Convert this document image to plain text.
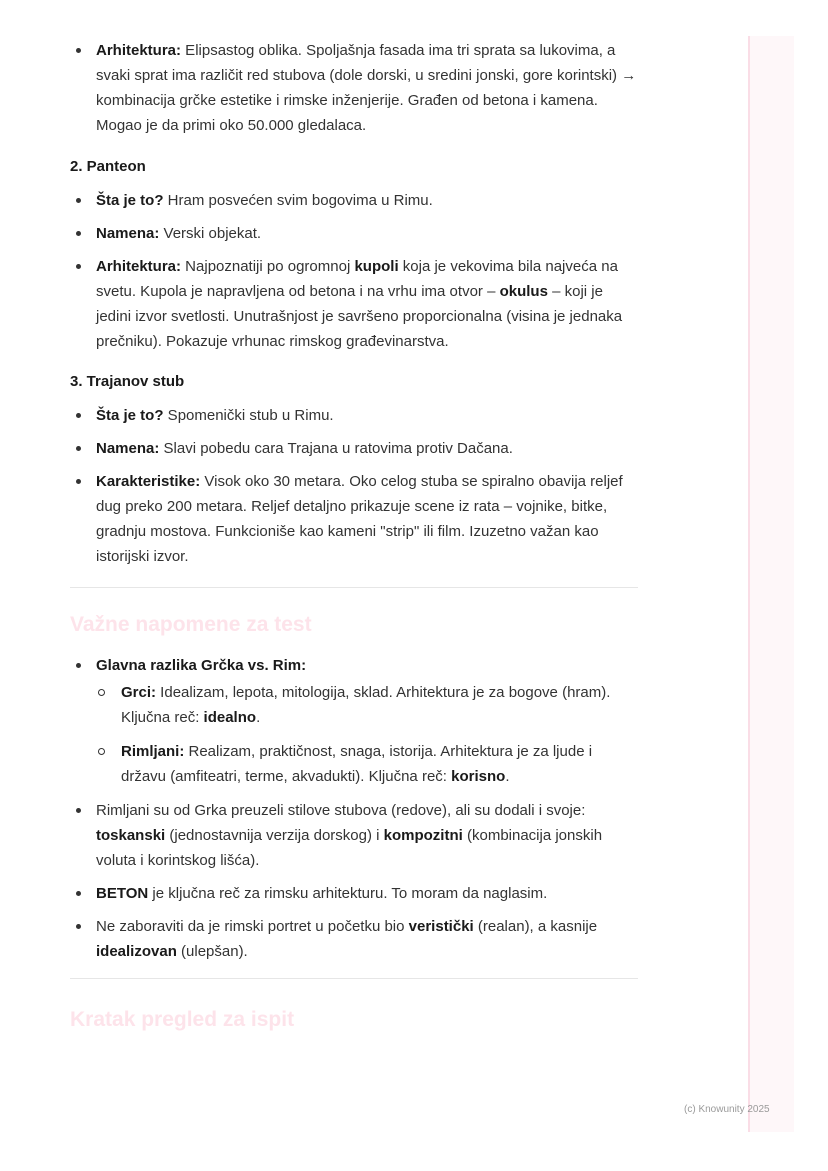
Arhitektura: Elipsastog oblika. Spoljašnja fasada ima tri sprata sa lukovima, a svaki sprat ima različit red stubova (dole dorski, u sredini jonski, gore korintski) → kombinacija grčke estetike i rimske inženjerije. Građen od betona i kamena. Mogao je da primi oko 50.000 gledalaca.
2. Panteon
Šta je to? Hram posvećen svim bogovima u Rimu.
Namena: Verski objekat.
Arhitektura: Najpoznatiji po ogromnoj kupoli koja je vekovima bila najveća na svetu. Kupola je napravljena od betona i na vrhu ima otvor – okulus – koji je jedini izvor svetlosti. Unutrašnjost je savršeno proporcionalna (visina je jednaka prečniku). Pokazuje vrhunac rimskog građevinarstva.
3. Trajanov stub
Šta je to? Spomenički stub u Rimu.
Namena: Slavi pobedu cara Trajana u ratovima protiv Dačana.
Karakteristike: Visok oko 30 metara. Oko celog stuba se spiralno obavija reljef dug preko 200 metara. Reljef detaljno prikazuje scene iz rata – vojnike, bitke, gradnju mostova. Funkcioniše kao kameni "strip" ili film. Izuzetno važan kao istorijski izvor.
Važne napomene za test
Glavna razlika Grčka vs. Rim:
Grci: Idealizam, lepota, mitologija, sklad. Arhitektura je za bogove (hram). Ključna reč: idealno.
Rimljani: Realizam, praktičnost, snaga, istorija. Arhitektura je za ljude i državu (amfiteatri, terme, akvadukti). Ključna reč: korisno.
Rimljani su od Grka preuzeli stilove stubova (redove), ali su dodali i svoje: toskanski (jednostavnija verzija dorskog) i kompozitni (kombinacija jonskih voluta i korintskog lišća).
BETON je ključna reč za rimsku arhitekturu. To moram da naglasim.
Ne zaboraviti da je rimski portret u početku bio veristički (realan), a kasnije idealizovan (ulepšan).
Kratak pregled za ispit
(c) Knowunity 2025
